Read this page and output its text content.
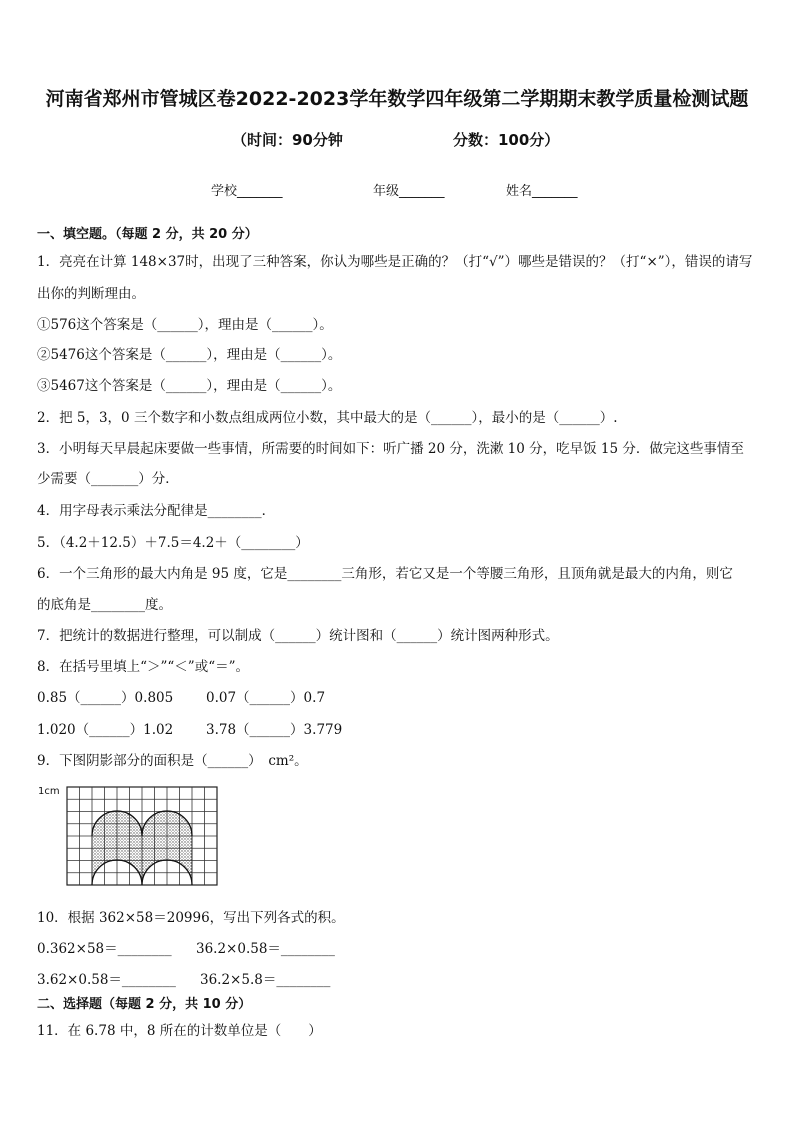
河南省郑州市管城区卷2022-2023学年数学四年级第二学期期末教学质量检测试题
（时间：90分钟	分数：100分）
学校_______	年级_______	姓名_______
一、填空题。（每题 2 分，共 20 分）
1．亮亮在计算 148×37时，出现了三种答案，你认为哪些是正确的？（打“√”）哪些是错误的？（打“×”），错误的请写
出你的判断理由。
①576这个答案是（______），理由是（______）。
②5476这个答案是（______），理由是（______）。
③5467这个答案是（______），理由是（______）。
2．把 5，3，0 三个数字和小数点组成两位小数，其中最大的是（______），最小的是（______）.
3．小明每天早晨起床要做一些事情，所需要的时间如下：听广播 20 分，洗漱 10 分，吃早饭 15 分．做完这些事情至
少需要（_______）分．
4．用字母表示乘法分配律是________．
5．（4.2＋12.5）＋7.5＝4.2＋（________）
6．一个三角形的最大内角是 95 度，它是________三角形，若它又是一个等腰三角形，且顶角就是最大的内角，则它
的底角是________度。
7．把统计的数据进行整理，可以制成（______）统计图和（______）统计图两种形式。
8．在括号里填上“＞”“＜”或“＝”。
0.85（______）0.805 0.07（______）0.7
1.020（______）1.02 3.78（______）3.779
9．下图阴影部分的面积是（______）　cm²。
1cm
10．根据 362×58＝20996，写出下列各式的积。
0.362×58＝________ 36.2×0.58＝________
3.62×0.58＝________ 36.2×5.8＝________
二、选择题（每题 2 分，共 10 分）
11．在 6.78 中，8 所在的计数单位是（　　）
